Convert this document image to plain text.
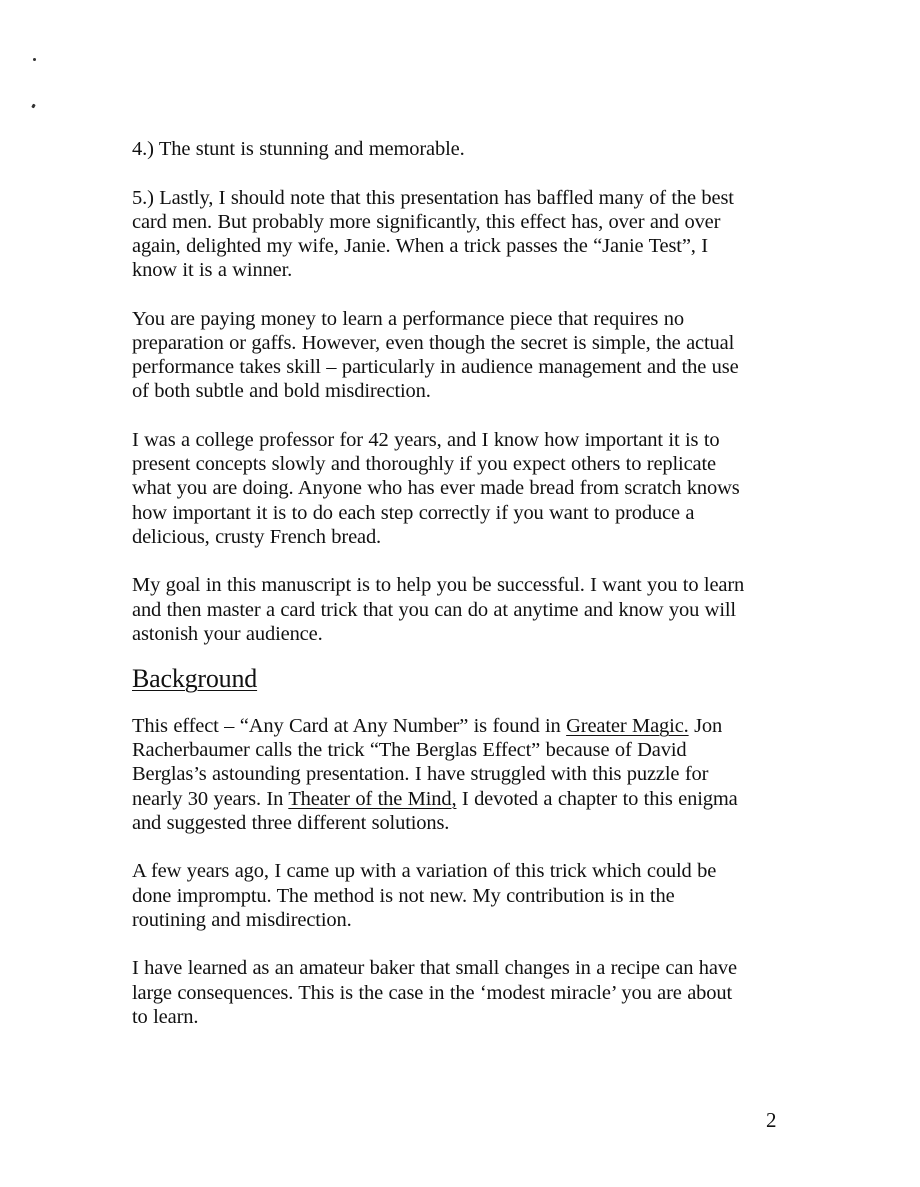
4.) The stunt is stunning and memorable.

5.) Lastly, I should note that this presentation has baffled many of the best
card men. But probably more significantly, this effect has, over and over
again, delighted my wife, Janie. When a trick passes the “Janie Test”, I
know it is a winner.

You are paying money to learn a performance piece that requires no
preparation or gaffs. However, even though the secret is simple, the actual
performance takes skill – particularly in audience management and the use
of both subtle and bold misdirection.

I was a college professor for 42 years, and I know how important it is to
present concepts slowly and thoroughly if you expect others to replicate
what you are doing. Anyone who has ever made bread from scratch knows
how important it is to do each step correctly if you want to produce a
delicious, crusty French bread.

My goal in this manuscript is to help you be successful. I want you to learn
and then master a card trick that you can do at anytime and know you will
astonish your audience.

Background

This effect – “Any Card at Any Number” is found in Greater Magic. Jon
Racherbaumer calls the trick “The Berglas Effect” because of David
Berglas’s astounding presentation. I have struggled with this puzzle for
nearly 30 years. In Theater of the Mind, I devoted a chapter to this enigma
and suggested three different solutions.

A few years ago, I came up with a variation of this trick which could be
done impromptu. The method is not new. My contribution is in the
routining and misdirection.

I have learned as an amateur baker that small changes in a recipe can have
large consequences. This is the case in the ‘modest miracle’ you are about
to learn.

2
